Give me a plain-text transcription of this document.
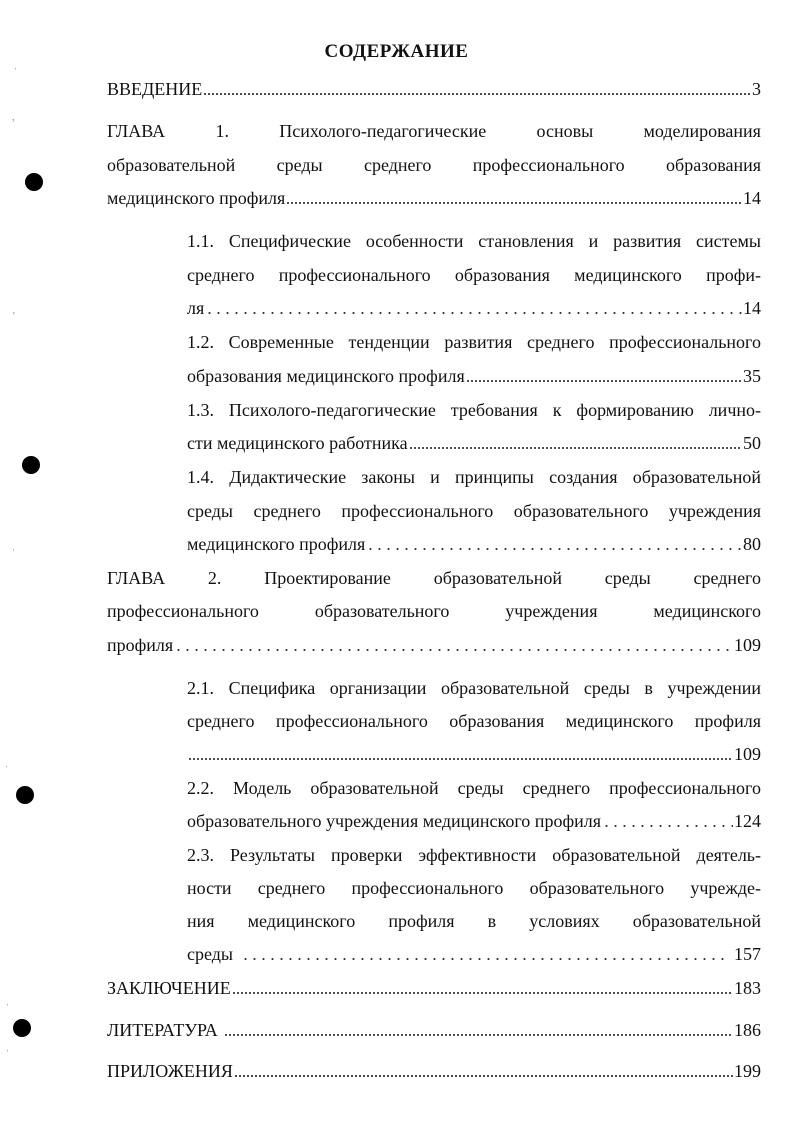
ˈ
,
'
ˌ
ˈ
ˈ
ˈ
СОДЕРЖАНИЕ
ВВЕДЕНИЕ	3
ГЛАВА	1.	Психолого-педагогические	основы	моделирования
образовательной среды среднего профессионального образования
медицинского профиля	14
1.1. Специфические особенности становления и развития системы
среднего профессионального образования медицинского профи-
ля	14
1.2. Современные тенденции развития среднего профессионального
образования медицинского профиля	35
1.3. Психолого-педагогические требования к формированию лично-
сти медицинского работника	50
1.4. Дидактические законы и принципы создания образовательной
среды среднего профессионального образовательного учреждения
медицинского профиля	80
ГЛАВА 2. Проектирование образовательной среды среднего
профессионального	образовательного	учреждения	медицинского
профиля	109
2.1. Специфика организации образовательной среды в учреждении
среднего профессионального образования медицинского профиля
109
2.2. Модель образовательной среды среднего профессионального
образовательного учреждения медицинского профиля	124
2.3. Результаты проверки эффективности образовательной деятель-
ности среднего профессионального образовательного учрежде-
ния медицинского профиля в условиях образовательной
среды	157
ЗАКЛЮЧЕНИЕ	183
ЛИТЕРАТУРА	186
ПРИЛОЖЕНИЯ	199
